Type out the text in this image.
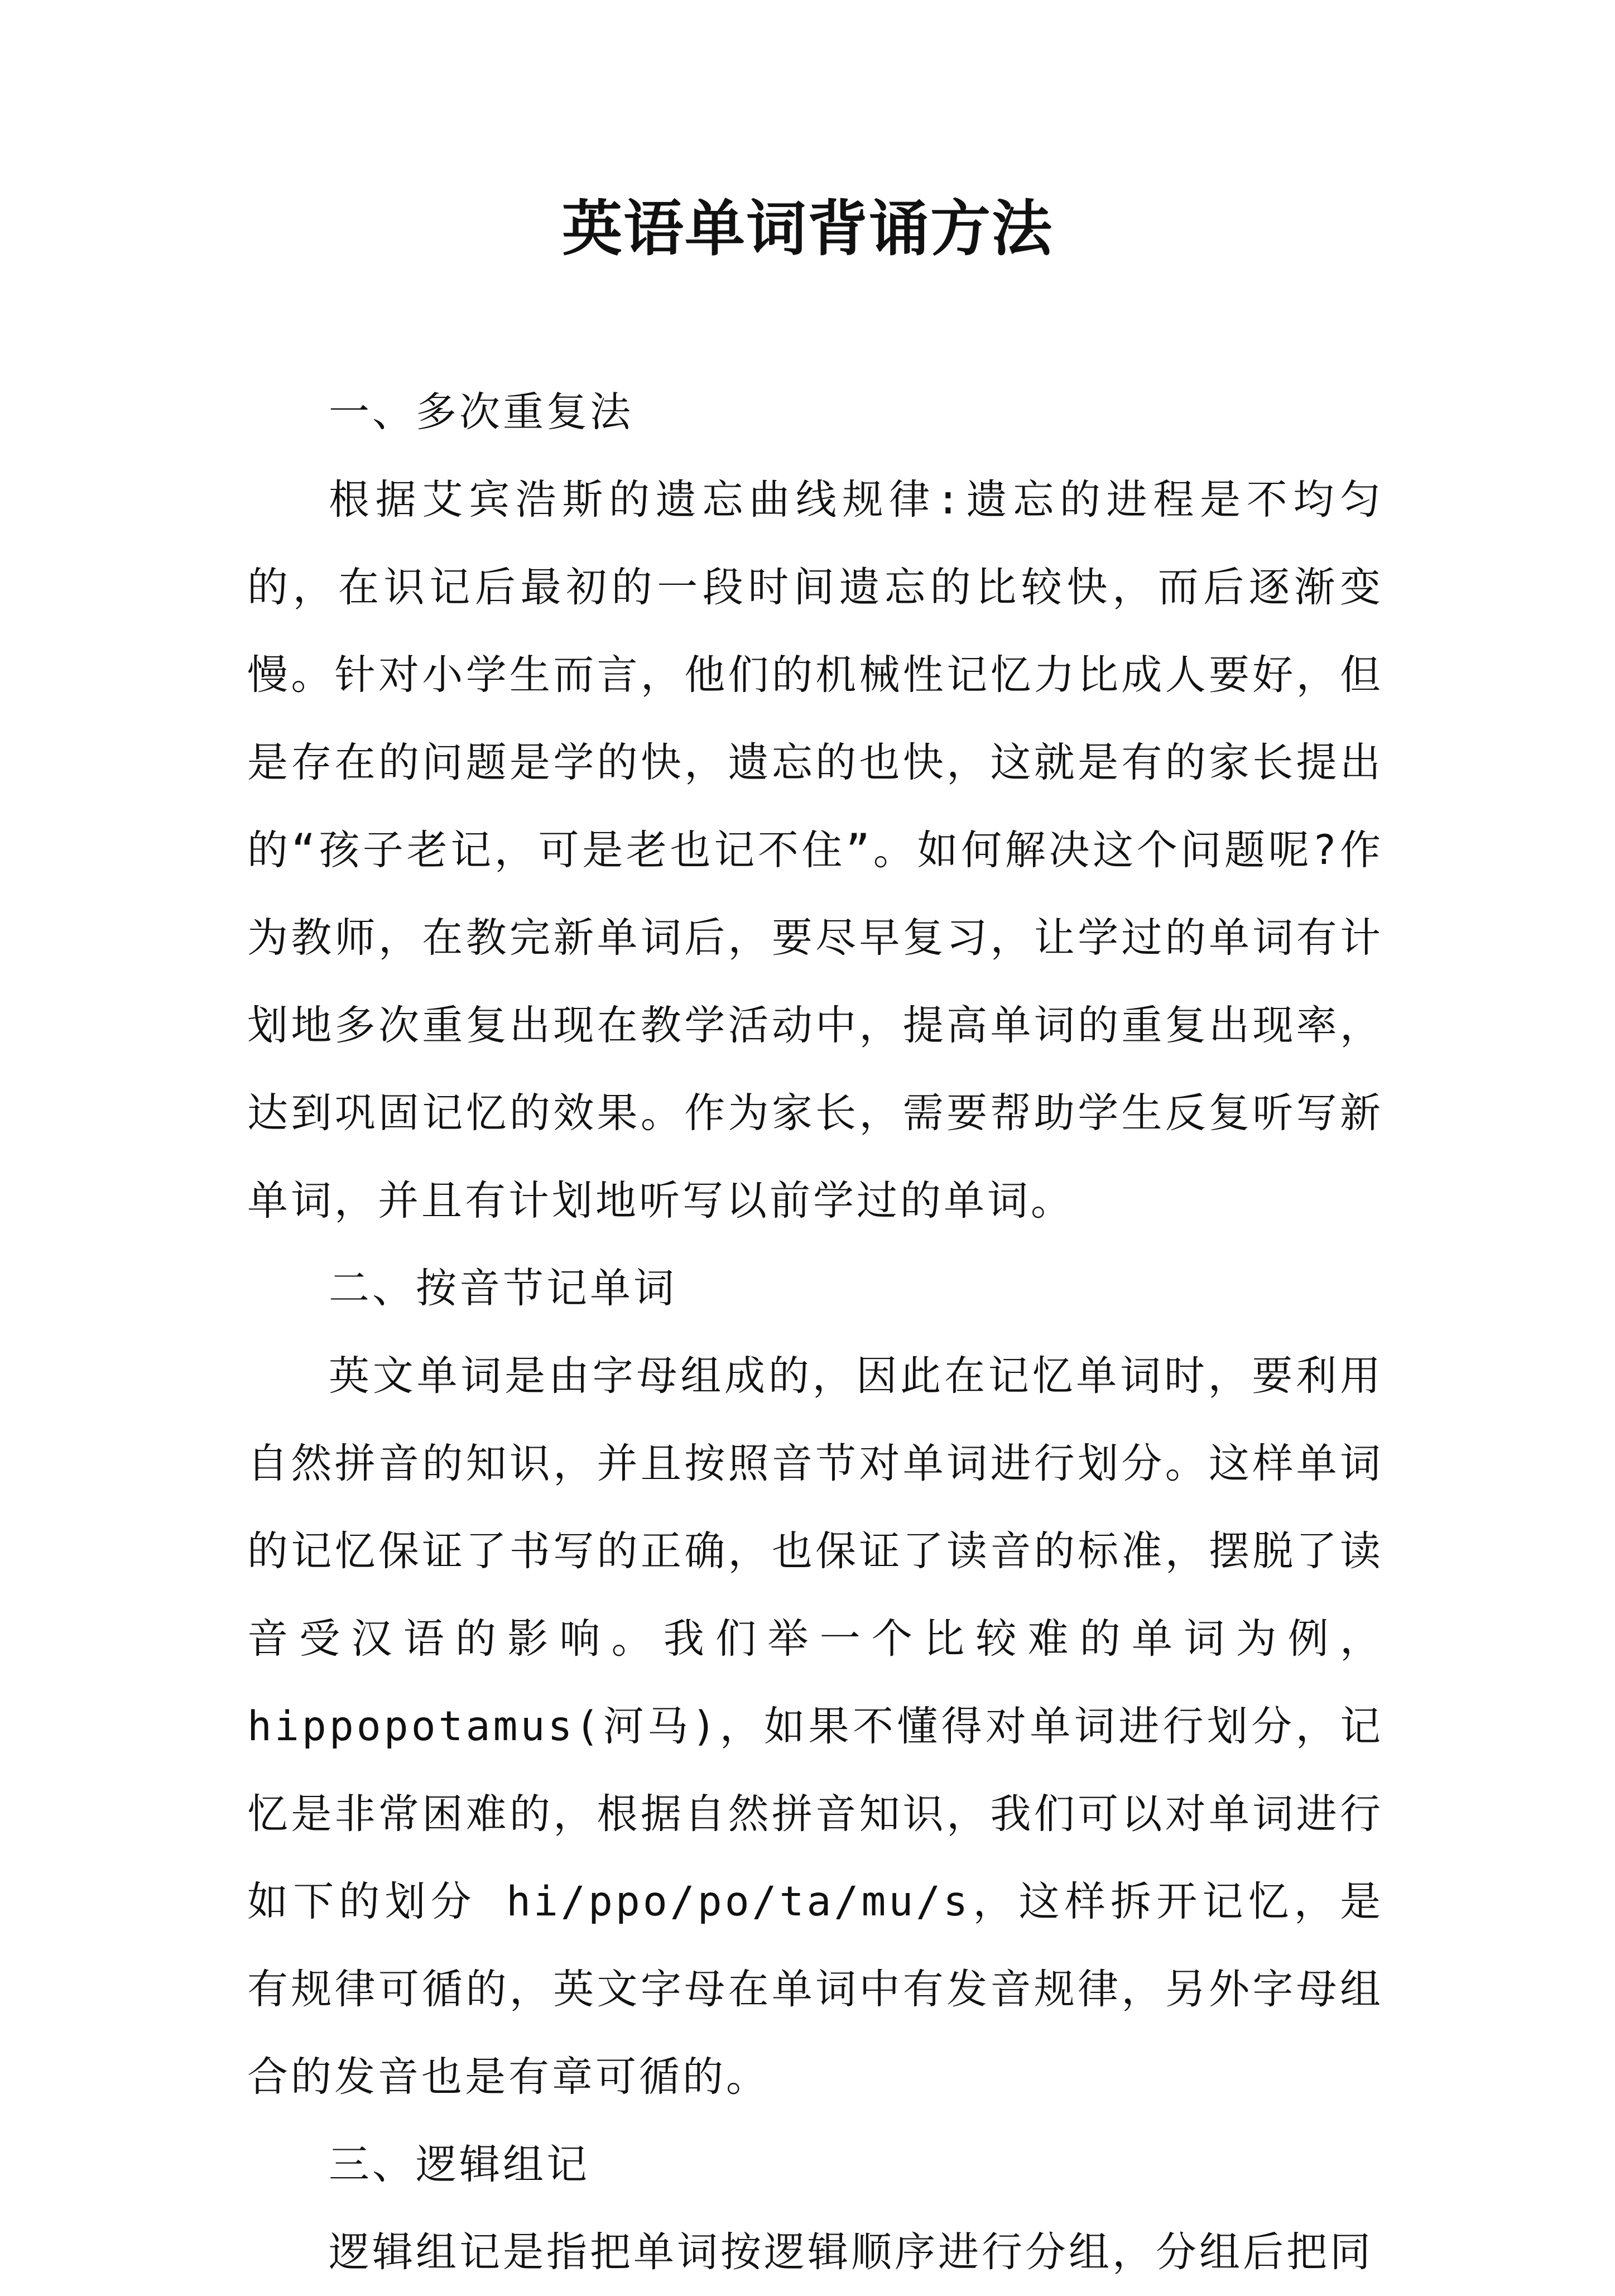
英语单词背诵方法

一、多次重复法

根据艾宾浩斯的遗忘曲线规律:遗忘的进程是不均匀的，在识记后最初的一段时间遗忘的比较快，而后逐渐变慢。针对小学生而言，他们的机械性记忆力比成人要好，但是存在的问题是学的快，遗忘的也快，这就是有的家长提出的“孩子老记，可是老也记不住”。如何解决这个问题呢?作为教师，在教完新单词后，要尽早复习，让学过的单词有计划地多次重复出现在教学活动中，提高单词的重复出现率，达到巩固记忆的效果。作为家长，需要帮助学生反复听写新单词，并且有计划地听写以前学过的单词。

二、按音节记单词

英文单词是由字母组成的，因此在记忆单词时，要利用自然拼音的知识，并且按照音节对单词进行划分。这样单词的记忆保证了书写的正确，也保证了读音的标准，摆脱了读音受汉语的影响。我们举一个比较难的单词为例，hippopotamus(河马)，如果不懂得对单词进行划分，记忆是非常困难的，根据自然拼音知识，我们可以对单词进行如下的划分 hi/ppo/po/ta/mu/s，这样拆开记忆，是有规律可循的，英文字母在单词中有发音规律，另外字母组合的发音也是有章可循的。

三、逻辑组记

逻辑组记是指把单词按逻辑顺序进行分组，分组后把同
